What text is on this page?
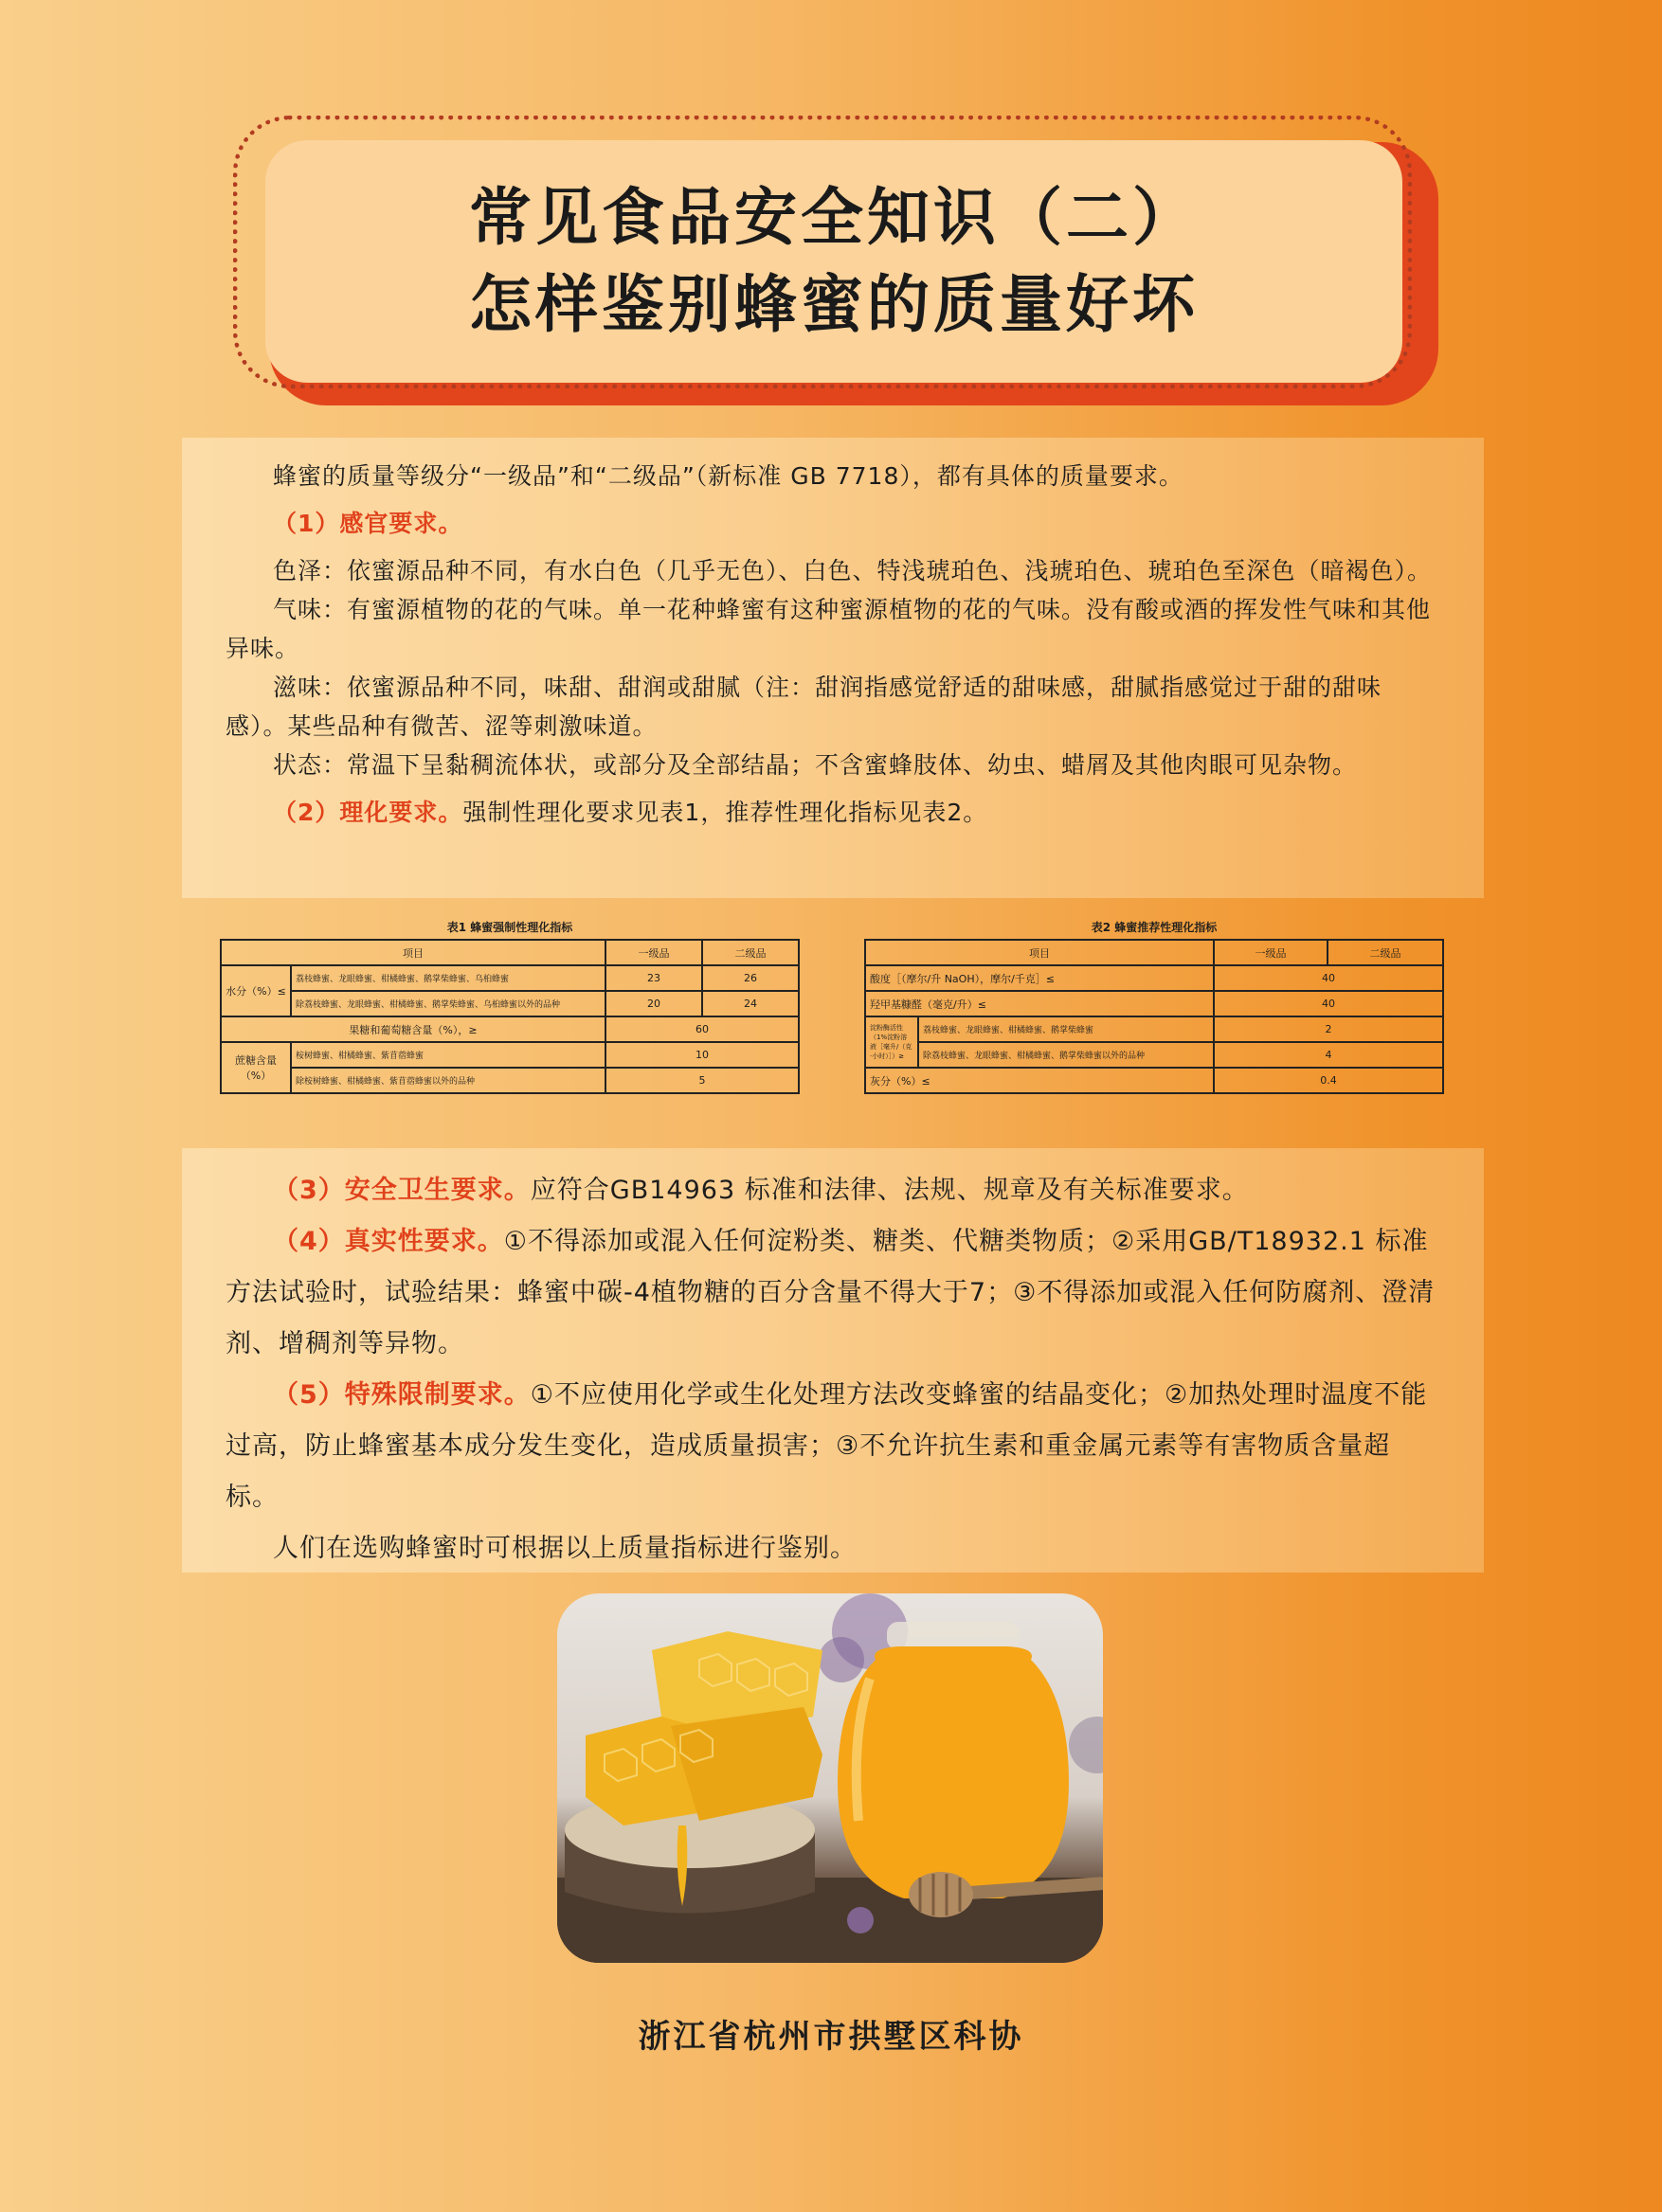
常见食品安全知识（二）
怎样鉴别蜂蜜的质量好坏

蜂蜜的质量等级分“一级品”和“二级品”（新标准 GB 7718），都有具体的质量要求。

（1）感官要求。

色泽：依蜜源品种不同，有水白色（几乎无色）、白色、特浅琥珀色、浅琥珀色、琥珀色至深色（暗褐色）。

气味：有蜜源植物的花的气味。单一花种蜂蜜有这种蜜源植物的花的气味。没有酸或酒的挥发性气味和其他异味。

滋味：依蜜源品种不同，味甜、甜润或甜腻（注：甜润指感觉舒适的甜味感，甜腻指感觉过于甜的甜味感）。某些品种有微苦、涩等刺激味道。

状态：常温下呈黏稠流体状，或部分及全部结晶；不含蜜蜂肢体、幼虫、蜡屑及其他肉眼可见杂物。

（2）理化要求。强制性理化要求见表1，推荐性理化指标见表2。

表1 蜂蜜强制性理化指标
项目		一级品	二级品
水分（%）≤	荔枝蜂蜜、龙眼蜂蜜、柑橘蜂蜜、鹅掌柴蜂蜜、乌桕蜂蜜	23	26
	除荔枝蜂蜜、龙眼蜂蜜、柑橘蜂蜜、鹅掌柴蜂蜜、乌桕蜂蜜以外的品种	20	24
果糖和葡萄糖含量（%），≥		60	
蔗糖含量（%）	桉树蜂蜜、柑橘蜂蜜、紫苜蓿蜂蜜	10	
	除桉树蜂蜜、柑橘蜂蜜、紫苜蓿蜂蜜以外的品种	5	
表2 蜂蜜推荐性理化指标
项目		一级品	二级品
酸度［（摩尔/升 NaOH），摩尔/千克］≤		40	
羟甲基糠醛（毫克/升）≤		40	
淀粉酶活性（1%淀粉溶液［毫升/（克·小时）］）≥	荔枝蜂蜜、龙眼蜂蜜、柑橘蜂蜜、鹅掌柴蜂蜜	2	
	除荔枝蜂蜜、龙眼蜂蜜、柑橘蜂蜜、鹅掌柴蜂蜜以外的品种	4	
灰分（%）≤		0.4	

（3）安全卫生要求。应符合GB14963 标准和法律、法规、规章及有关标准要求。

（4）真实性要求。①不得添加或混入任何淀粉类、糖类、代糖类物质；②采用GB/T18932.1 标准方法试验时，试验结果：蜂蜜中碳-4植物糖的百分含量不得大于7；③不得添加或混入任何防腐剂、澄清剂、增稠剂等异物。

（5）特殊限制要求。①不应使用化学或生化处理方法改变蜂蜜的结晶变化；②加热处理时温度不能过高，防止蜂蜜基本成分发生变化，造成质量损害；③不允许抗生素和重金属元素等有害物质含量超标。

人们在选购蜂蜜时可根据以上质量指标进行鉴别。

浙江省杭州市拱墅区科协
